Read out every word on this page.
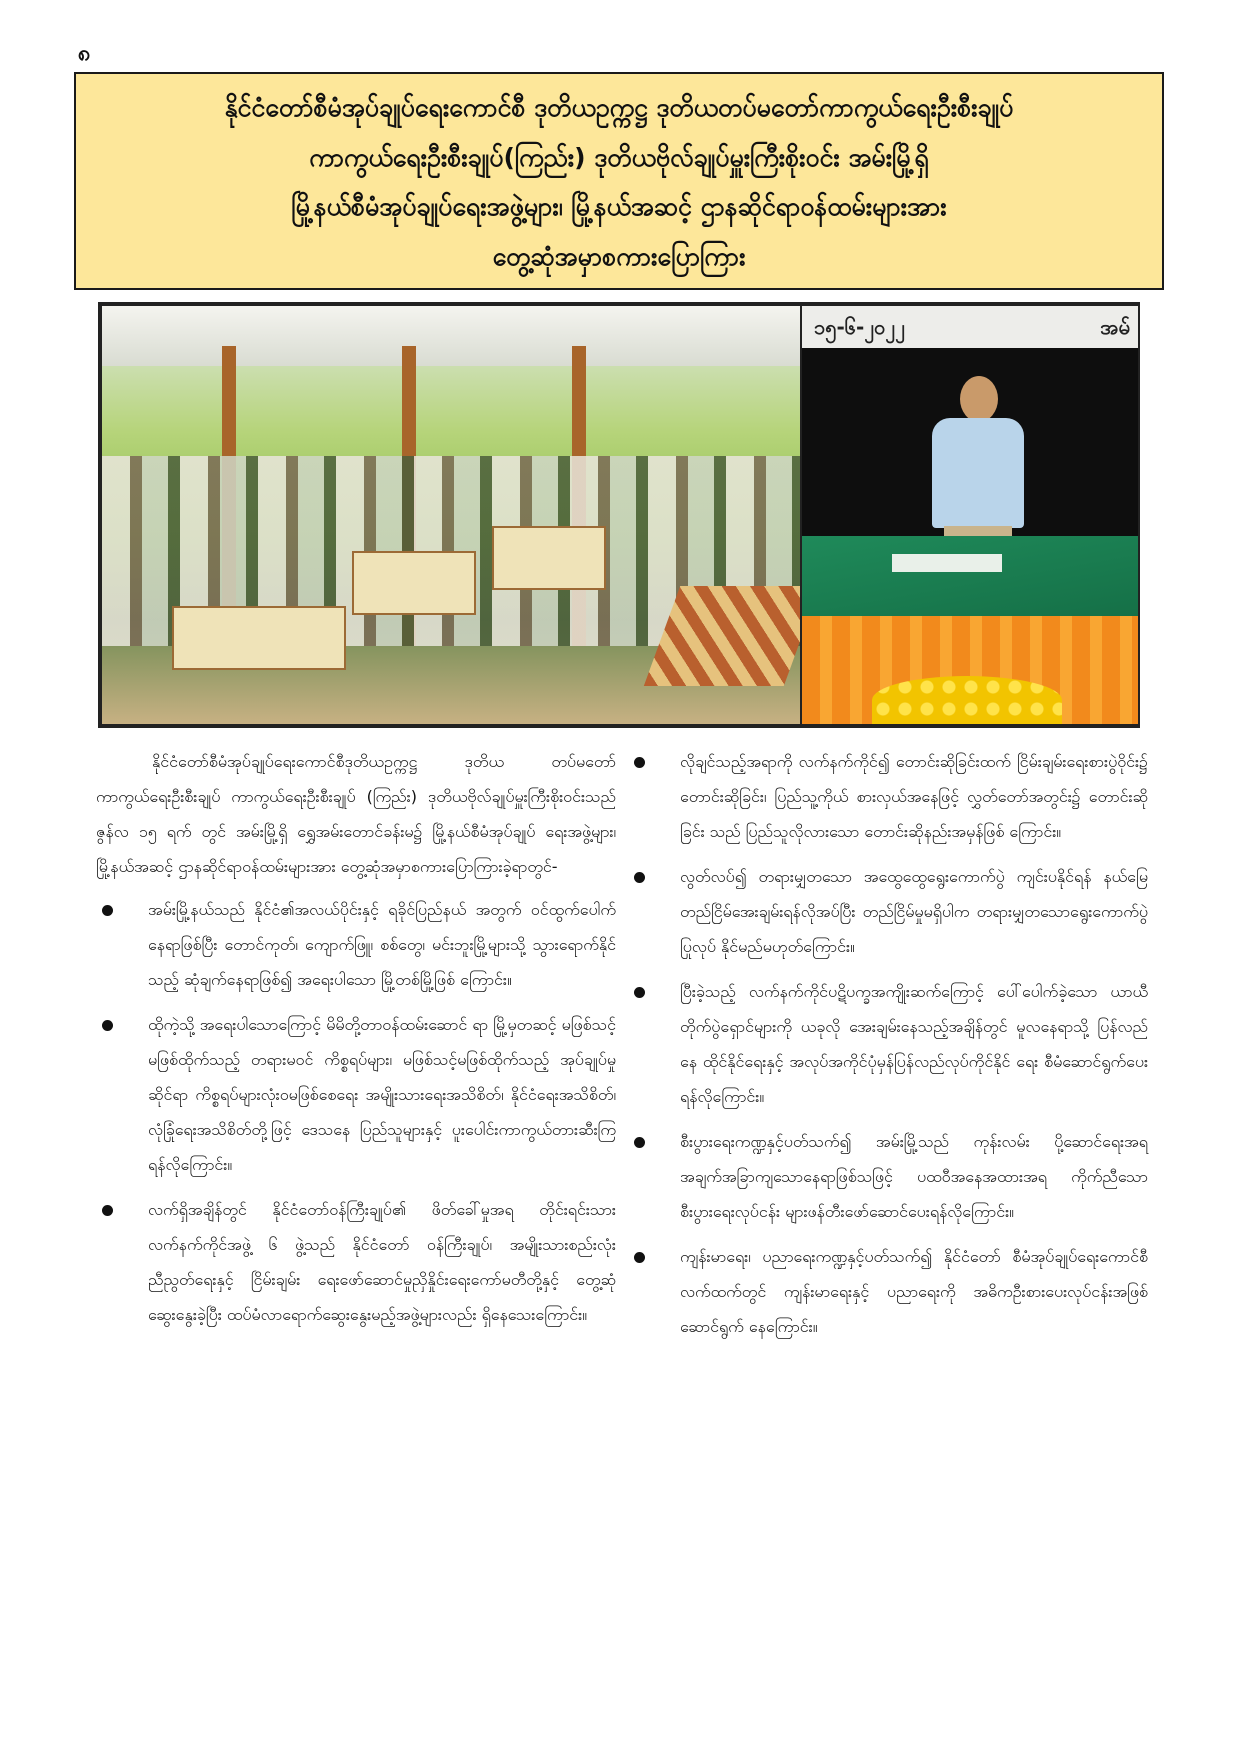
၈
နိုင်ငံတော်စီမံအုပ်ချုပ်ရေးကောင်စီ ဒုတိယဥက္ကဋ္ဌ ဒုတိယတပ်မတော်ကာကွယ်ရေးဦးစီးချုပ်
ကာကွယ်ရေးဦးစီးချုပ်(ကြည်း) ဒုတိယဗိုလ်ချုပ်မှူးကြီးစိုးဝင်း အမ်းမြို့ရှိ
မြို့နယ်စီမံအုပ်ချုပ်ရေးအဖွဲ့များ၊ မြို့နယ်အဆင့် ဌာနဆိုင်ရာဝန်ထမ်းများအား
တွေ့ဆုံအမှာစကားပြောကြား
၁၅-၆-၂၀၂၂	အမ်

နိုင်ငံတော်စီမံအုပ်ချုပ်ရေးကောင်စီဒုတိယဥက္ကဋ္ဌ ဒုတိယ တပ်မတော်ကာကွယ်ရေးဦးစီးချုပ် ကာကွယ်ရေးဦးစီးချုပ် (ကြည်း) ဒုတိယဗိုလ်ချုပ်မှူးကြီးစိုးဝင်းသည် ဇွန်လ ၁၅ ရက် တွင် အမ်းမြို့ရှိ ရွှေအမ်းတောင်ခန်းမ၌ မြို့နယ်စီမံအုပ်ချုပ် ရေးအဖွဲ့များ၊ မြို့နယ်အဆင့် ဌာနဆိုင်ရာဝန်ထမ်းများအား တွေ့ဆုံအမှာစကားပြောကြားခဲ့ရာတွင်-

အမ်းမြို့နယ်သည် နိုင်ငံ၏အလယ်ပိုင်းနှင့် ရခိုင်ပြည်နယ် အတွက် ဝင်ထွက်ပေါက်နေရာဖြစ်ပြီး တောင်ကုတ်၊ ကျောက်ဖြူ၊ စစ်တွေ၊ မင်းဘူးမြို့များသို့ သွားရောက်နိုင် သည့် ဆုံချက်နေရာဖြစ်၍ အရေးပါသော မြို့တစ်မြို့ဖြစ် ကြောင်း။

ထိုကဲ့သို့ အရေးပါသောကြောင့် မိမိတို့တာဝန်ထမ်းဆောင် ရာ မြို့မှတဆင့် မဖြစ်သင့်မဖြစ်ထိုက်သည့် တရားမဝင် ကိစ္စရပ်များ၊ မဖြစ်သင့်မဖြစ်ထိုက်သည့် အုပ်ချုပ်မှုဆိုင်ရာ ကိစ္စရပ်များလုံးဝမဖြစ်စေရေး အမျိုးသားရေးအသိစိတ်၊ နိုင်ငံရေးအသိစိတ်၊ လုံခြုံရေးအသိစိတ်တို့ဖြင့် ဒေသနေ ပြည်သူများနှင့် ပူးပေါင်းကာကွယ်တားဆီးကြရန်လိုကြောင်း။

လက်ရှိအချိန်တွင် နိုင်ငံတော်ဝန်ကြီးချုပ်၏ ဖိတ်ခေါ်မှုအရ တိုင်းရင်းသားလက်နက်ကိုင်အဖွဲ့ ၆ ဖွဲ့သည် နိုင်ငံတော် ဝန်ကြီးချုပ်၊ အမျိုးသားစည်းလုံးညီညွတ်ရေးနှင့် ငြိမ်းချမ်း ရေးဖော်ဆောင်မှုညှိနှိုင်းရေးကော်မတီတို့နှင့် တွေ့ဆုံ ဆွေးနွေးခဲ့ပြီး ထပ်မံလာရောက်ဆွေးနွေးမည့်အဖွဲ့များလည်း ရှိနေသေးကြောင်း။

လိုချင်သည့်အရာကို လက်နက်ကိုင်၍ တောင်းဆိုခြင်းထက် ငြိမ်းချမ်းရေးစားပွဲဝိုင်း၌ တောင်းဆိုခြင်း၊ ပြည်သူ့ကိုယ် စားလှယ်အနေဖြင့် လွှတ်တော်အတွင်း၌ တောင်းဆိုခြင်း သည် ပြည်သူလိုလားသော တောင်းဆိုနည်းအမှန်ဖြစ် ကြောင်း။

လွတ်လပ်၍ တရားမျှတသော အထွေထွေရွေးကောက်ပွဲ ကျင်းပနိုင်ရန် နယ်မြေတည်ငြိမ်အေးချမ်းရန်လိုအပ်ပြီး တည်ငြိမ်မှုမရှိပါက တရားမျှတသောရွေးကောက်ပွဲပြုလုပ် နိုင်မည်မဟုတ်ကြောင်း။

ပြီးခဲ့သည့် လက်နက်ကိုင်ပဋိပက္ခအကျိုးဆက်ကြောင့် ပေါ်ပေါက်ခဲ့သော ယာယီတိုက်ပွဲရှောင်များကို ယခုလို အေးချမ်းနေသည့်အချိန်တွင် မူလနေရာသို့ ပြန်လည်နေ ထိုင်နိုင်ရေးနှင့် အလုပ်အကိုင်ပုံမှန်ပြန်လည်လုပ်ကိုင်နိုင် ရေး စီမံဆောင်ရွက်ပေးရန်လိုကြောင်း။

စီးပွားရေးကဏ္ဍနှင့်ပတ်သက်၍ အမ်းမြို့သည် ကုန်းလမ်း ပို့ဆောင်ရေးအရ အချက်အခြာကျသောနေရာဖြစ်သဖြင့် ပထဝီအနေအထားအရ ကိုက်ညီသောစီးပွားရေးလုပ်ငန်း များဖန်တီးဖော်ဆောင်ပေးရန်လိုကြောင်း။

ကျန်းမာရေး၊ ပညာရေးကဏ္ဍနှင့်ပတ်သက်၍ နိုင်ငံတော် စီမံအုပ်ချုပ်ရေးကောင်စီလက်ထက်တွင် ကျန်းမာရေးနှင့် ပညာရေးကို အဓိကဦးစားပေးလုပ်ငန်းအဖြစ် ဆောင်ရွက် နေကြောင်း။
